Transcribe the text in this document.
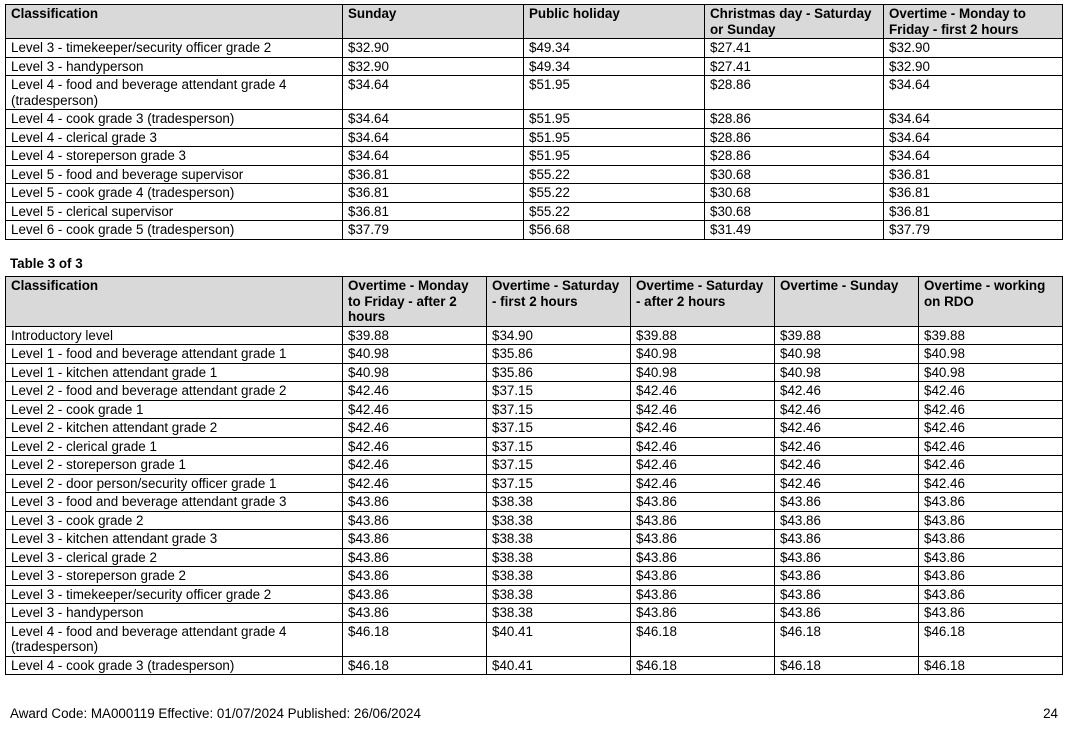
Classification	Sunday	Public holiday	Christmas day - Saturday or Sunday	Overtime - Monday to Friday - first 2 hours
Level 3 - timekeeper/security officer grade 2	$32.90	$49.34	$27.41	$32.90
Level 3 - handyperson	$32.90	$49.34	$27.41	$32.90
Level 4 - food and beverage attendant grade 4 (tradesperson)	$34.64	$51.95	$28.86	$34.64
Level 4 - cook grade 3 (tradesperson)	$34.64	$51.95	$28.86	$34.64
Level 4 - clerical grade 3	$34.64	$51.95	$28.86	$34.64
Level 4 - storeperson grade 3	$34.64	$51.95	$28.86	$34.64
Level 5 - food and beverage supervisor	$36.81	$55.22	$30.68	$36.81
Level 5 - cook grade 4 (tradesperson)	$36.81	$55.22	$30.68	$36.81
Level 5 - clerical supervisor	$36.81	$55.22	$30.68	$36.81
Level 6 - cook grade 5 (tradesperson)	$37.79	$56.68	$31.49	$37.79
Table 3 of 3
Classification	Overtime - Monday to Friday - after 2 hours	Overtime - Saturday - first 2 hours	Overtime - Saturday - after 2 hours	Overtime - Sunday	Overtime - working on RDO
Introductory level	$39.88	$34.90	$39.88	$39.88	$39.88
Level 1 - food and beverage attendant grade 1	$40.98	$35.86	$40.98	$40.98	$40.98
Level 1 - kitchen attendant grade 1	$40.98	$35.86	$40.98	$40.98	$40.98
Level 2 - food and beverage attendant grade 2	$42.46	$37.15	$42.46	$42.46	$42.46
Level 2 - cook grade 1	$42.46	$37.15	$42.46	$42.46	$42.46
Level 2 - kitchen attendant grade 2	$42.46	$37.15	$42.46	$42.46	$42.46
Level 2 - clerical grade 1	$42.46	$37.15	$42.46	$42.46	$42.46
Level 2 - storeperson grade 1	$42.46	$37.15	$42.46	$42.46	$42.46
Level 2 - door person/security officer grade 1	$42.46	$37.15	$42.46	$42.46	$42.46
Level 3 - food and beverage attendant grade 3	$43.86	$38.38	$43.86	$43.86	$43.86
Level 3 - cook grade 2	$43.86	$38.38	$43.86	$43.86	$43.86
Level 3 - kitchen attendant grade 3	$43.86	$38.38	$43.86	$43.86	$43.86
Level 3 - clerical grade 2	$43.86	$38.38	$43.86	$43.86	$43.86
Level 3 - storeperson grade 2	$43.86	$38.38	$43.86	$43.86	$43.86
Level 3 - timekeeper/security officer grade 2	$43.86	$38.38	$43.86	$43.86	$43.86
Level 3 - handyperson	$43.86	$38.38	$43.86	$43.86	$43.86
Level 4 - food and beverage attendant grade 4 (tradesperson)	$46.18	$40.41	$46.18	$46.18	$46.18
Level 4 - cook grade 3 (tradesperson)	$46.18	$40.41	$46.18	$46.18	$46.18
Award Code: MA000119 Effective: 01/07/2024 Published: 26/06/2024	24
